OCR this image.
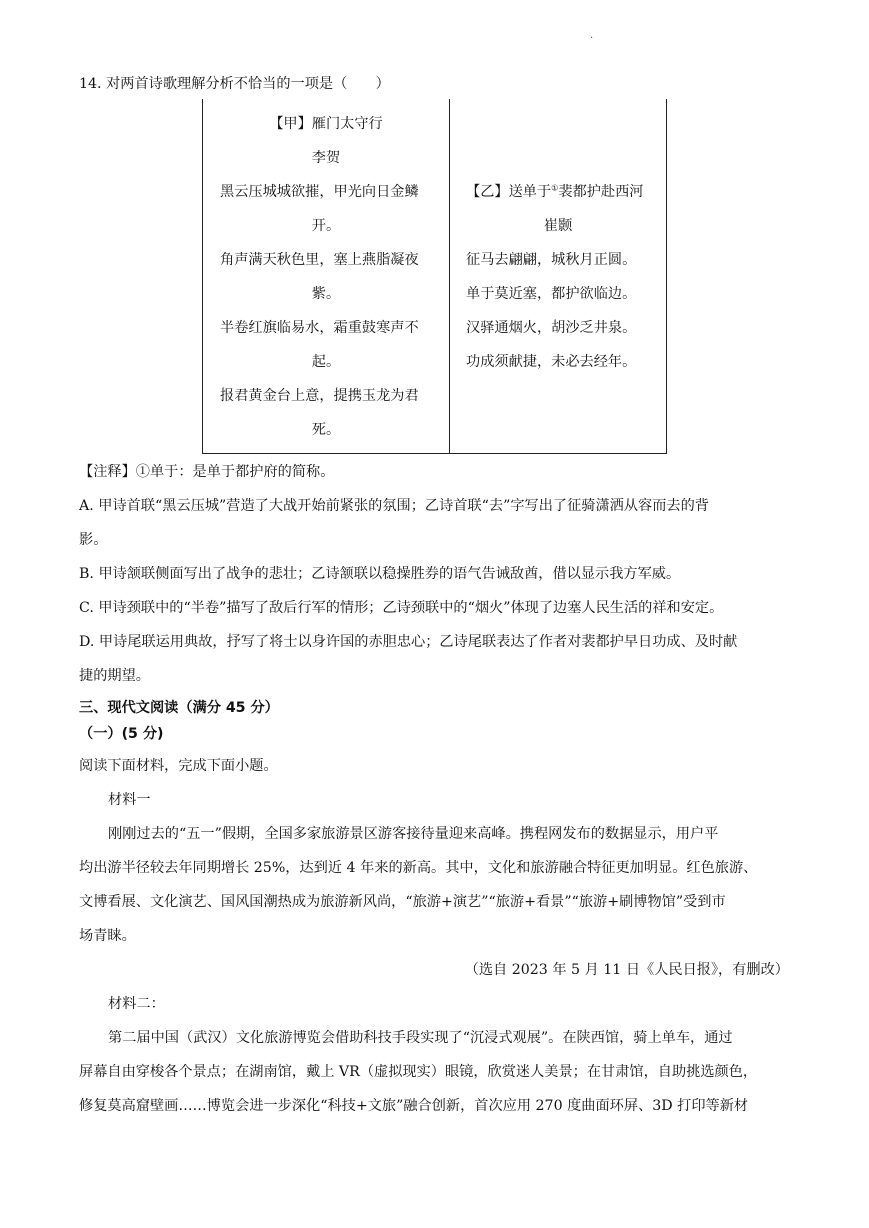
.
14. 对两首诗歌理解分析不恰当的一项是（　　）
【甲】雁门太守行
李贺
黑云压城城欲摧，甲光向日金鳞
开。
角声满天秋色里，塞上燕脂凝夜
紫。
半卷红旗临易水，霜重鼓寒声不
起。
报君黄金台上意，提携玉龙为君
死。
【乙】送单于①裴都护赴西河
崔颢
征马去翩翩，城秋月正圆。
单于莫近塞，都护欲临边。
汉驿通烟火，胡沙乏井泉。
功成须献捷，未必去经年。
【注释】①单于：是单于都护府的简称。
A. 甲诗首联“黑云压城”营造了大战开始前紧张的氛围；乙诗首联“去”字写出了征骑潇洒从容而去的背
影。
B. 甲诗颔联侧面写出了战争的悲壮；乙诗颔联以稳操胜券的语气告诫敌酋，借以显示我方军威。
C. 甲诗颈联中的“半卷”描写了敌后行军的情形；乙诗颈联中的“烟火”体现了边塞人民生活的祥和安定。
D. 甲诗尾联运用典故，抒写了将士以身许国的赤胆忠心；乙诗尾联表达了作者对裴都护早日功成、及时献
捷的期望。
三、现代文阅读（满分 45 分）
（一）(5 分)
阅读下面材料，完成下面小题。
材料一
刚刚过去的“五一”假期，全国多家旅游景区游客接待量迎来高峰。携程网发布的数据显示，用户平
均出游半径较去年同期增长 25%，达到近 4 年来的新高。其中，文化和旅游融合特征更加明显。红色旅游、
文博看展、文化演艺、国风国潮热成为旅游新风尚，“旅游+演艺”“旅游+看景”“旅游+刷博物馆”受到市
场青睐。
（选自 2023 年 5 月 11 日《人民日报》，有删改）
材料二：
第二届中国（武汉）文化旅游博览会借助科技手段实现了“沉浸式观展”。在陕西馆，骑上单车，通过
屏幕自由穿梭各个景点；在湖南馆，戴上 VR（虚拟现实）眼镜，欣赏迷人美景；在甘肃馆，自助挑选颜色，
修复莫高窟壁画……博览会进一步深化“科技+文旅”融合创新，首次应用 270 度曲面环屏、3D 打印等新材
